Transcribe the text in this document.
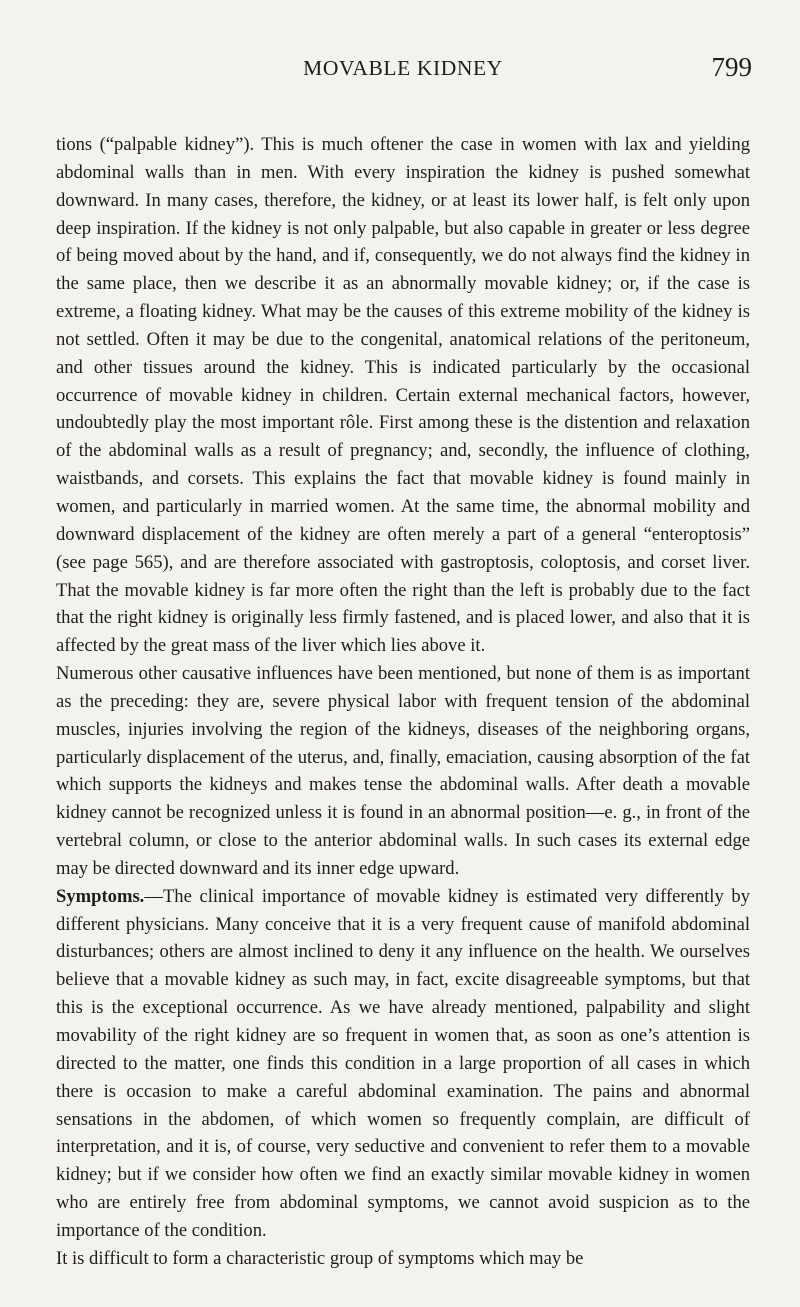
MOVABLE KIDNEY	799

tions (“palpable kidney”). This is much oftener the case in women with lax and yielding abdominal walls than in men. With every inspiration the kidney is pushed somewhat downward. In many cases, therefore, the kidney, or at least its lower half, is felt only upon deep inspiration. If the kidney is not only palpable, but also capable in greater or less degree of being moved about by the hand, and if, consequently, we do not always find the kidney in the same place, then we describe it as an abnormally movable kidney; or, if the case is extreme, a floating kidney. What may be the causes of this extreme mobility of the kidney is not settled. Often it may be due to the congenital, anatomical relations of the peritoneum, and other tissues around the kidney. This is indicated particularly by the occasional occurrence of movable kidney in children. Certain external mechanical factors, however, undoubtedly play the most important rôle. First among these is the distention and relaxation of the abdominal walls as a result of pregnancy; and, secondly, the influence of clothing, waistbands, and corsets. This explains the fact that movable kidney is found mainly in women, and particularly in married women. At the same time, the abnormal mobility and downward displacement of the kidney are often merely a part of a general “enteroptosis” (see page 565), and are therefore associated with gastroptosis, coloptosis, and corset liver. That the movable kidney is far more often the right than the left is probably due to the fact that the right kidney is originally less firmly fastened, and is placed lower, and also that it is affected by the great mass of the liver which lies above it.

Numerous other causative influences have been mentioned, but none of them is as important as the preceding: they are, severe physical labor with frequent tension of the abdominal muscles, injuries involving the region of the kidneys, diseases of the neighboring organs, particularly displacement of the uterus, and, finally, emaciation, causing absorption of the fat which supports the kidneys and makes tense the abdominal walls. After death a movable kidney cannot be recognized unless it is found in an abnormal position—e. g., in front of the vertebral column, or close to the anterior abdominal walls. In such cases its external edge may be directed downward and its inner edge upward.

Symptoms.—The clinical importance of movable kidney is estimated very differently by different physicians. Many conceive that it is a very frequent cause of manifold abdominal disturbances; others are almost inclined to deny it any influence on the health. We ourselves believe that a movable kidney as such may, in fact, excite disagreeable symptoms, but that this is the exceptional occurrence. As we have already mentioned, palpability and slight movability of the right kidney are so frequent in women that, as soon as one’s attention is directed to the matter, one finds this condition in a large proportion of all cases in which there is occasion to make a careful abdominal examination. The pains and abnormal sensations in the abdomen, of which women so frequently complain, are difficult of interpretation, and it is, of course, very seductive and convenient to refer them to a movable kidney; but if we consider how often we find an exactly similar movable kidney in women who are entirely free from abdominal symptoms, we cannot avoid suspicion as to the importance of the condition.

It is difficult to form a characteristic group of symptoms which may be
